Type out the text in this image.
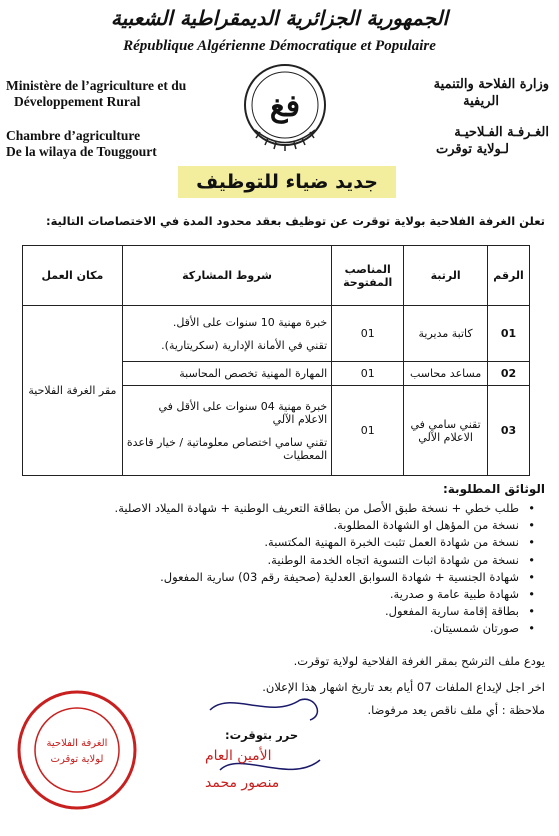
الجمهورية الجزائرية الديمقراطية الشعبية
République Algérienne Démocratique et Populaire
Ministère de l’agriculture et du
Développement Rural
Chambre d’agriculture
De la wilaya de Touggourt
وزارة الفلاحة والتنمية
الريفية
الغـرفـة الفـلاحيـة
لـولاية توقرت
فغ
جديد ضياء للتوظيف
تعلن الغرفة الفلاحية بولاية توقرت عن توظيف بعقد محدود المدة في الاختصاصات التالية:
الرقم	الرتبة	المناصب المفتوحة	شروط المشاركة	مكان العمل
01	كاتبة مديرية	01	خبرة مهنية 10 سنوات على الأقل.
تقني في الأمانة الإدارية (سكريتارية).	مقر الغرفة الفلاحية
02	مساعد محاسب	01	المهارة المهنية تخصص المحاسبة	

03	تقني سامي في الاعلام الآلي	01	خبرة مهنية 04 سنوات على الأقل في الاعلام الآلي
تقني سامي اختصاص معلوماتية / خيار قاعدة المعطيات	
الوثائق المطلوبة:
•
طلب خطي + نسخة طبق الأصل من بطاقة التعريف الوطنية + شهادة الميلاد الاصلية.
•
نسخة من المؤهل او الشهادة المطلوبة.
•
نسخة من شهادة العمل تثبت الخبرة المهنية المكتسبة.
•
نسخة من شهادة اثبات التسوية اتجاه الخدمة الوطنية.
•
شهادة الجنسية + شهادة السوابق العدلية (صحيفة رقم 03) سارية المفعول.
•
شهادة طبية عامة و صدرية.
•
بطاقة إقامة سارية المفعول.
•
صورتان شمسيتان.
يودع ملف الترشح بمقر الغرفة الفلاحية لولاية توقرت.
اخر اجل لإيداع الملفات 07 أيام بعد تاريخ اشهار هذا الإعلان.
ملاحظة : أي ملف ناقص يعد مرفوضا.
حرر بتوقرت:
الأمين العام
منصور محمد
الغرفة الفلاحية
لولاية توقرت
